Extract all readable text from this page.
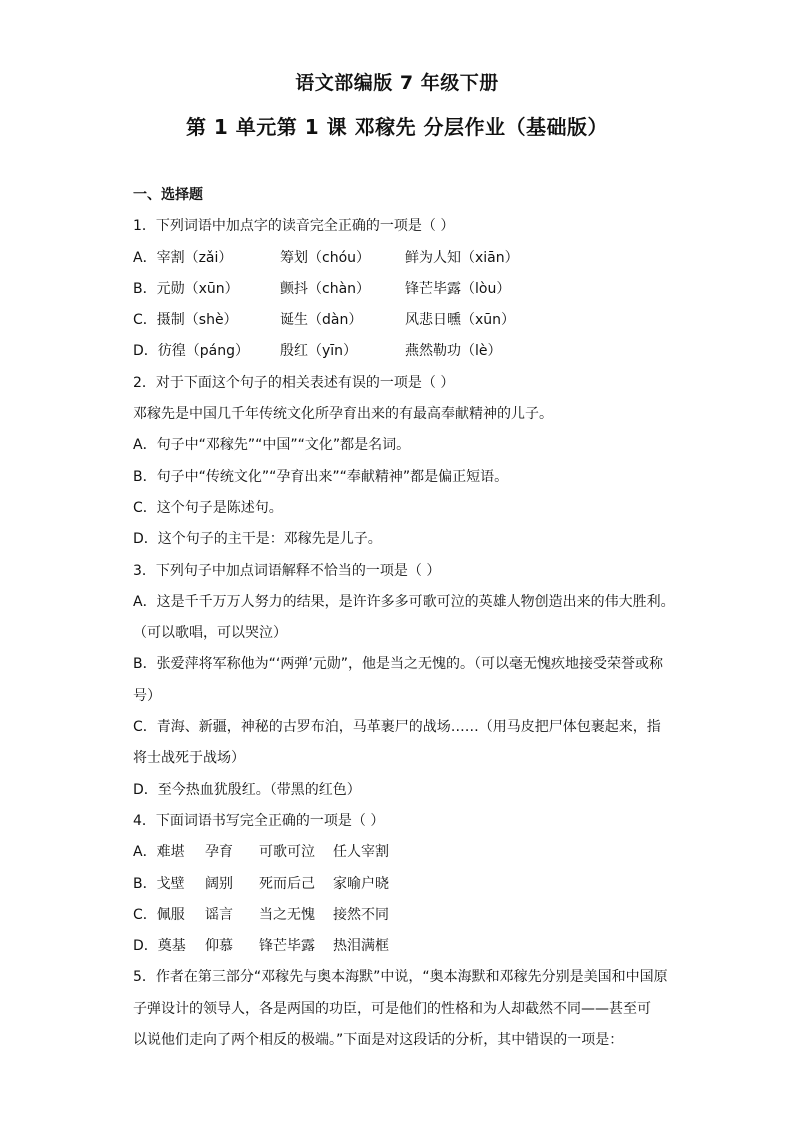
语文部编版 7 年级下册
第 1 单元第 1 课 邓稼先 分层作业（基础版）
一、选择题
1．下列词语中加点字的读音完全正确的一项是（ ）
A．宰割（zǎi）	筹划（chóu）	鲜为人知（xiān）
B．元勋（xūn）	颤抖（chàn）	锋芒毕露（lòu）
C．摄制（shè）	诞生（dàn）	风悲日曛（xūn）
D．彷徨（páng）	殷红（yīn）	燕然勒功（lè）
2．对于下面这个句子的相关表述有误的一项是（ ）
邓稼先是中国几千年传统文化所孕育出来的有最高奉献精神的儿子。
A．句子中“邓稼先”“中国”“文化”都是名词。
B．句子中“传统文化”“孕育出来”“奉献精神”都是偏正短语。
C．这个句子是陈述句。
D．这个句子的主干是：邓稼先是儿子。
3．下列句子中加点词语解释不恰当的一项是（ ）
A．这是千千万万人努力的结果，是许许多多可歌可泣的英雄人物创造出来的伟大胜利。
（可以歌唱，可以哭泣）
B．张爱萍将军称他为“‘两弹’元勋”，他是当之无愧的。（可以毫无愧疚地接受荣誉或称
号）
C．青海、新疆，神秘的古罗布泊，马革裹尸的战场……（用马皮把尸体包裹起来，指
将士战死于战场）
D．至今热血犹殷红。（带黑的红色）
4．下面词语书写完全正确的一项是（ ）
A．难堪	孕育	可歌可泣	任人宰割
B．戈壁	阔别	死而后己	家喻户晓
C．佩服	谣言	当之无愧	接然不同
D．奠基	仰慕	锋芒毕露	热泪满框
5．作者在第三部分“邓稼先与奥本海默”中说，“奥本海默和邓稼先分别是美国和中国原
子弹设计的领导人，各是两国的功臣，可是他们的性格和为人却截然不同——甚至可
以说他们走向了两个相反的极端。”下面是对这段话的分析，其中错误的一项是：
